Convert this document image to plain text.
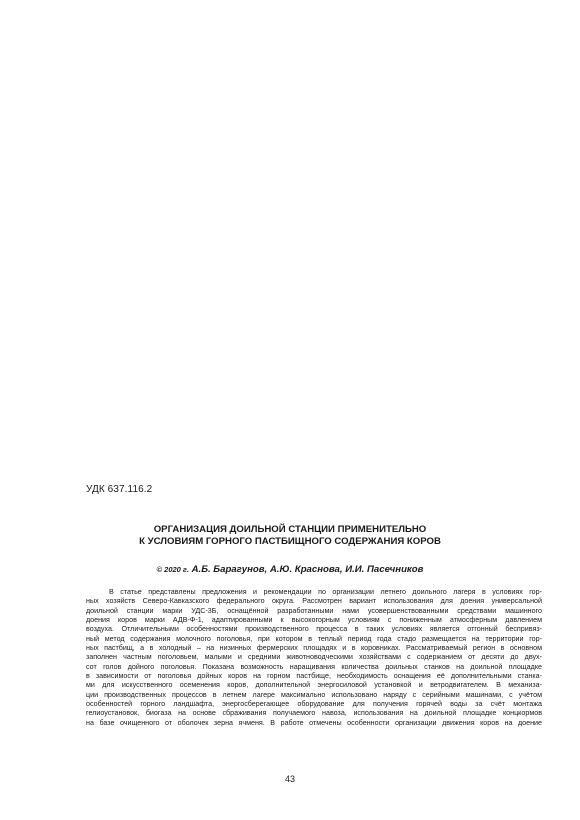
УДК 637.116.2
ОРГАНИЗАЦИЯ ДОИЛЬНОЙ СТАНЦИИ ПРИМЕНИТЕЛЬНО
К УСЛОВИЯМ ГОРНОГО ПАСТБИЩНОГО СОДЕРЖАНИЯ КОРОВ
© 2020 г. А.Б. Барагунов, А.Ю. Краснова, И.И. Пасечников
В статье представлены предложения и рекомендации по организации летнего доильного лагеря в условиях гор-
ных хозяйств Северо-Кавказского федерального округа. Рассмотрен вариант использования для доения универсальной
доильной станции марки УДС-3Б, оснащённой разработанными нами усовершенствованными средствами машинного
доения коров марки АДВ-Ф-1, адаптированными к высокогорным условиям с пониженным атмосферным давлением
воздуха. Отличительными особенностями производственного процесса в таких условиях является отгонный беспривяз-
ный метод содержания молочного поголовья, при котором в теплый период года стадо размещается на территории гор-
ных пастбищ, а в холодный – на низинных фермерских площадях и в коровниках. Рассматриваемый регион в основном
заполнен частным поголовьем, малыми и средними животноводческими хозяйствами с содержанием от десяти до двух-
сот голов дойного поголовья. Показана возможность наращивания количества доильных станков на доильной площадке
в зависимости от поголовья дойных коров на горном пастбище, необходимость оснащения её дополнительными станка-
ми для искусственного осеменения коров, дополнительной энергосиловой установкой и ветродвигателем. В механиза-
ции производственных процессов в летнем лагере максимально использовано наряду с серийными машинами, с учётом
особенностей горного ландшафта, энергосберегающее оборудование для получения горячей воды за счёт монтажа
гелиоустановок, биогаза на основе сбраживания получаемого навоза, использования на доильной площадке концкормов
на базе очищенного от оболочек зерна ячменя. В работе отмечены особенности организации движения коров на доение
43
